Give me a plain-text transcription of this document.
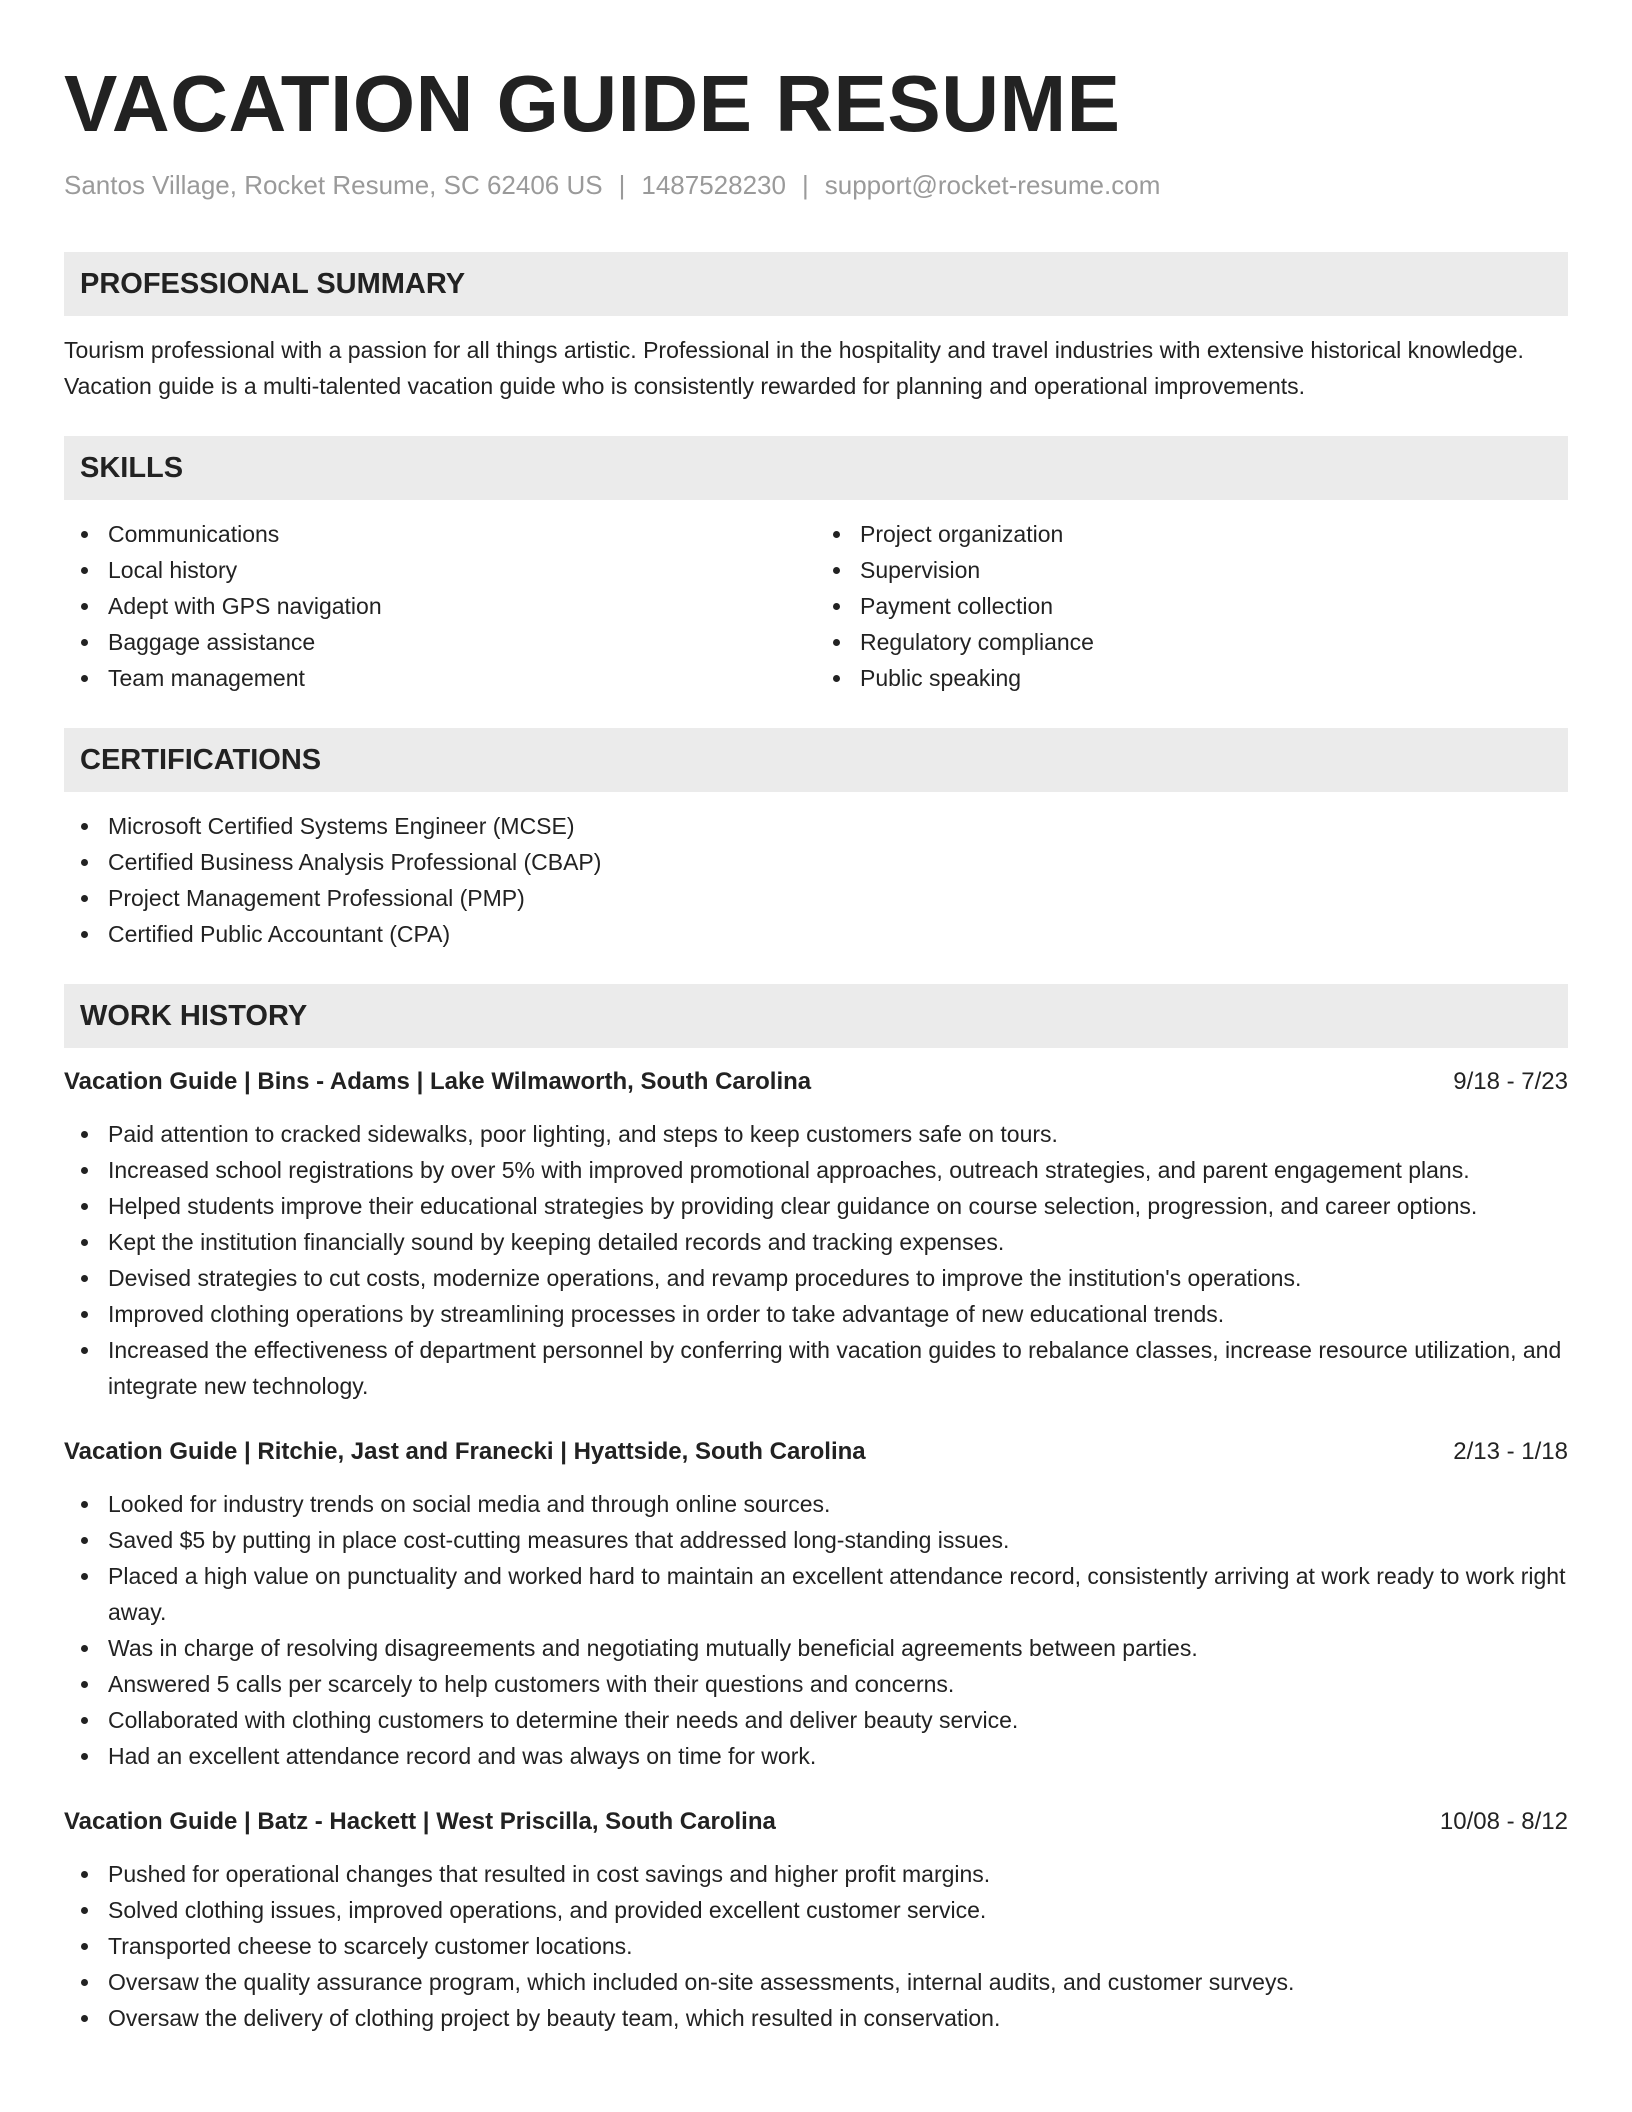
VACATION GUIDE RESUME
Santos Village, Rocket Resume, SC 62406 US | 1487528230 | support@rocket-resume.com
PROFESSIONAL SUMMARY

Tourism professional with a passion for all things artistic. Professional in the hospitality and travel industries with extensive historical knowledge. Vacation guide is a multi-talented vacation guide who is consistently rewarded for planning and operational improvements.

SKILLS
Communications
Local history
Adept with GPS navigation
Baggage assistance
Team management
Project organization
Supervision
Payment collection
Regulatory compliance
Public speaking
CERTIFICATIONS
Microsoft Certified Systems Engineer (MCSE)
Certified Business Analysis Professional (CBAP)
Project Management Professional (PMP)
Certified Public Accountant (CPA)
WORK HISTORY
Vacation Guide | Bins - Adams | Lake Wilmaworth, South Carolina	9/18 - 7/23
Paid attention to cracked sidewalks, poor lighting, and steps to keep customers safe on tours.
Increased school registrations by over 5% with improved promotional approaches, outreach strategies, and parent engagement plans.
Helped students improve their educational strategies by providing clear guidance on course selection, progression, and career options.
Kept the institution financially sound by keeping detailed records and tracking expenses.
Devised strategies to cut costs, modernize operations, and revamp procedures to improve the institution's operations.
Improved clothing operations by streamlining processes in order to take advantage of new educational trends.
Increased the effectiveness of department personnel by conferring with vacation guides to rebalance classes, increase resource utilization, and integrate new technology.
Vacation Guide | Ritchie, Jast and Franecki | Hyattside, South Carolina	2/13 - 1/18
Looked for industry trends on social media and through online sources.
Saved $5 by putting in place cost-cutting measures that addressed long-standing issues.
Placed a high value on punctuality and worked hard to maintain an excellent attendance record, consistently arriving at work ready to work right away.
Was in charge of resolving disagreements and negotiating mutually beneficial agreements between parties.
Answered 5 calls per scarcely to help customers with their questions and concerns.
Collaborated with clothing customers to determine their needs and deliver beauty service.
Had an excellent attendance record and was always on time for work.
Vacation Guide | Batz - Hackett | West Priscilla, South Carolina	10/08 - 8/12
Pushed for operational changes that resulted in cost savings and higher profit margins.
Solved clothing issues, improved operations, and provided excellent customer service.
Transported cheese to scarcely customer locations.
Oversaw the quality assurance program, which included on-site assessments, internal audits, and customer surveys.
Oversaw the delivery of clothing project by beauty team, which resulted in conservation.
